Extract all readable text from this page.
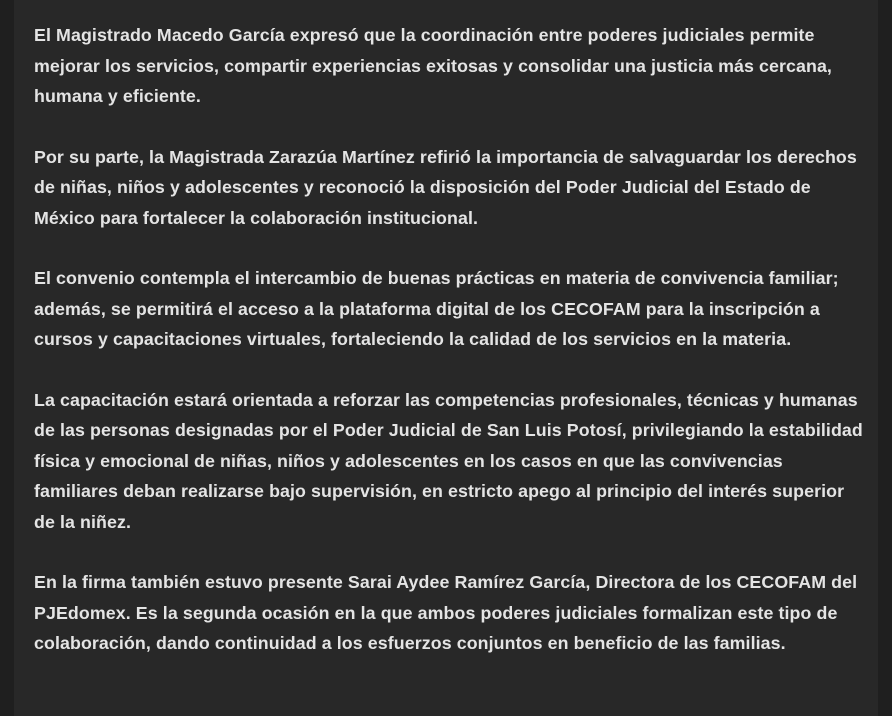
El Magistrado Macedo García expresó que la coordinación entre poderes judiciales permite mejorar los servicios, compartir experiencias exitosas y consolidar una justicia más cercana, humana y eficiente.

Por su parte, la Magistrada Zarazúa Martínez refirió la importancia de salvaguardar los derechos de niñas, niños y adolescentes y reconoció la disposición del Poder Judicial del Estado de México para fortalecer la colaboración institucional.

El convenio contempla el intercambio de buenas prácticas en materia de convivencia familiar; además, se permitirá el acceso a la plataforma digital de los CECOFAM para la inscripción a cursos y capacitaciones virtuales, fortaleciendo la calidad de los servicios en la materia.

La capacitación estará orientada a reforzar las competencias profesionales, técnicas y humanas de las personas designadas por el Poder Judicial de San Luis Potosí, privilegiando la estabilidad física y emocional de niñas, niños y adolescentes en los casos en que las convivencias familiares deban realizarse bajo supervisión, en estricto apego al principio del interés superior de la niñez.

En la firma también estuvo presente Sarai Aydee Ramírez García, Directora de los CECOFAM del PJEdomex. Es la segunda ocasión en la que ambos poderes judiciales formalizan este tipo de colaboración, dando continuidad a los esfuerzos conjuntos en beneficio de las familias.
